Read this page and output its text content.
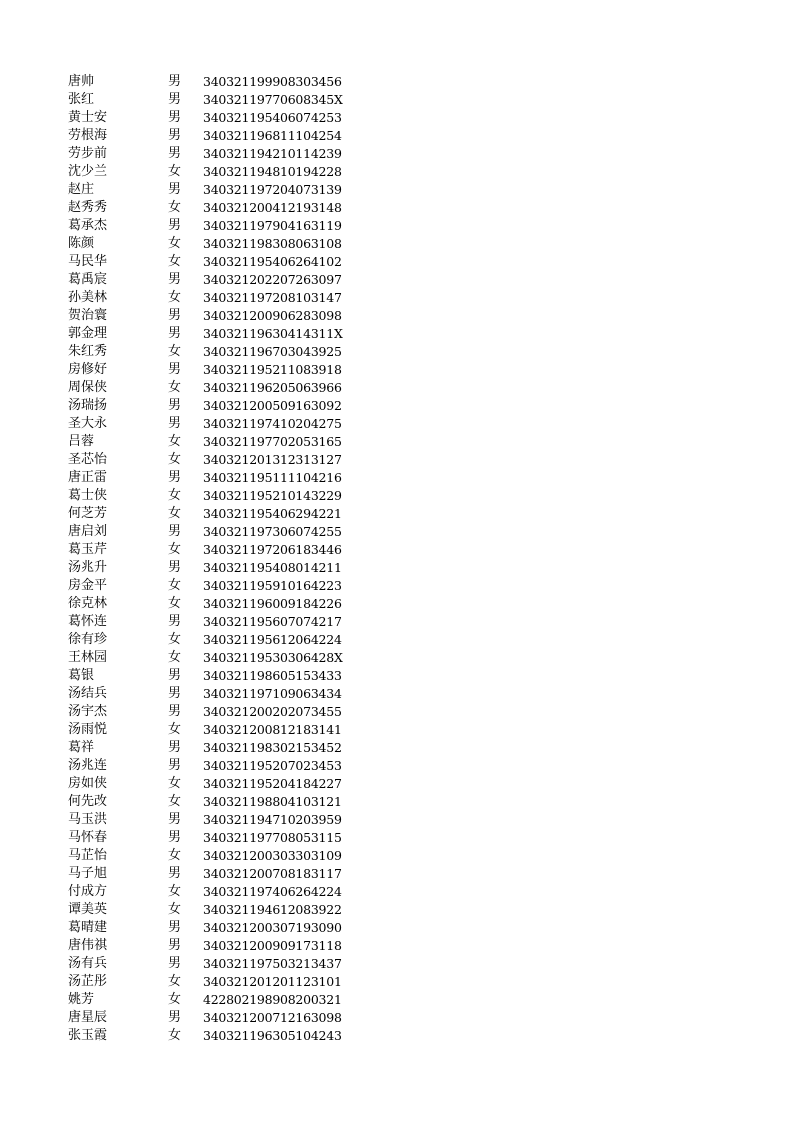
唐帅	男	340321199908303456
张红	男	34032119770608345X
黄士安	男	340321195406074253
劳根海	男	340321196811104254
劳步前	男	340321194210114239
沈少兰	女	340321194810194228
赵庄	男	340321197204073139
赵秀秀	女	340321200412193148
葛承杰	男	340321197904163119
陈颜	女	340321198308063108
马民华	女	340321195406264102
葛禹宸	男	340321202207263097
孙美林	女	340321197208103147
贺治寰	男	340321200906283098
郭金理	男	34032119630414311X
朱红秀	女	340321196703043925
房修好	男	340321195211083918
周保侠	女	340321196205063966
汤瑞扬	男	340321200509163092
圣大永	男	340321197410204275
吕蓉	女	340321197702053165
圣芯怡	女	340321201312313127
唐正雷	男	340321195111104216
葛士侠	女	340321195210143229
何芝芳	女	340321195406294221
唐启刘	男	340321197306074255
葛玉芹	女	340321197206183446
汤兆升	男	340321195408014211
房金平	女	340321195910164223
徐克林	女	340321196009184226
葛怀连	男	340321195607074217
徐有珍	女	340321195612064224
王林园	女	34032119530306428X
葛银	男	340321198605153433
汤结兵	男	340321197109063434
汤宇杰	男	340321200202073455
汤雨悦	女	340321200812183141
葛祥	男	340321198302153452
汤兆连	男	340321195207023453
房如侠	女	340321195204184227
何先改	女	340321198804103121
马玉洪	男	340321194710203959
马怀春	男	340321197708053115
马芷怡	女	340321200303303109
马子旭	男	340321200708183117
付成方	女	340321197406264224
谭美英	女	340321194612083922
葛晴建	男	340321200307193090
唐伟祺	男	340321200909173118
汤有兵	男	340321197503213437
汤芷彤	女	340321201201123101
姚芳	女	422802198908200321
唐星辰	男	340321200712163098
张玉霞	女	340321196305104243
